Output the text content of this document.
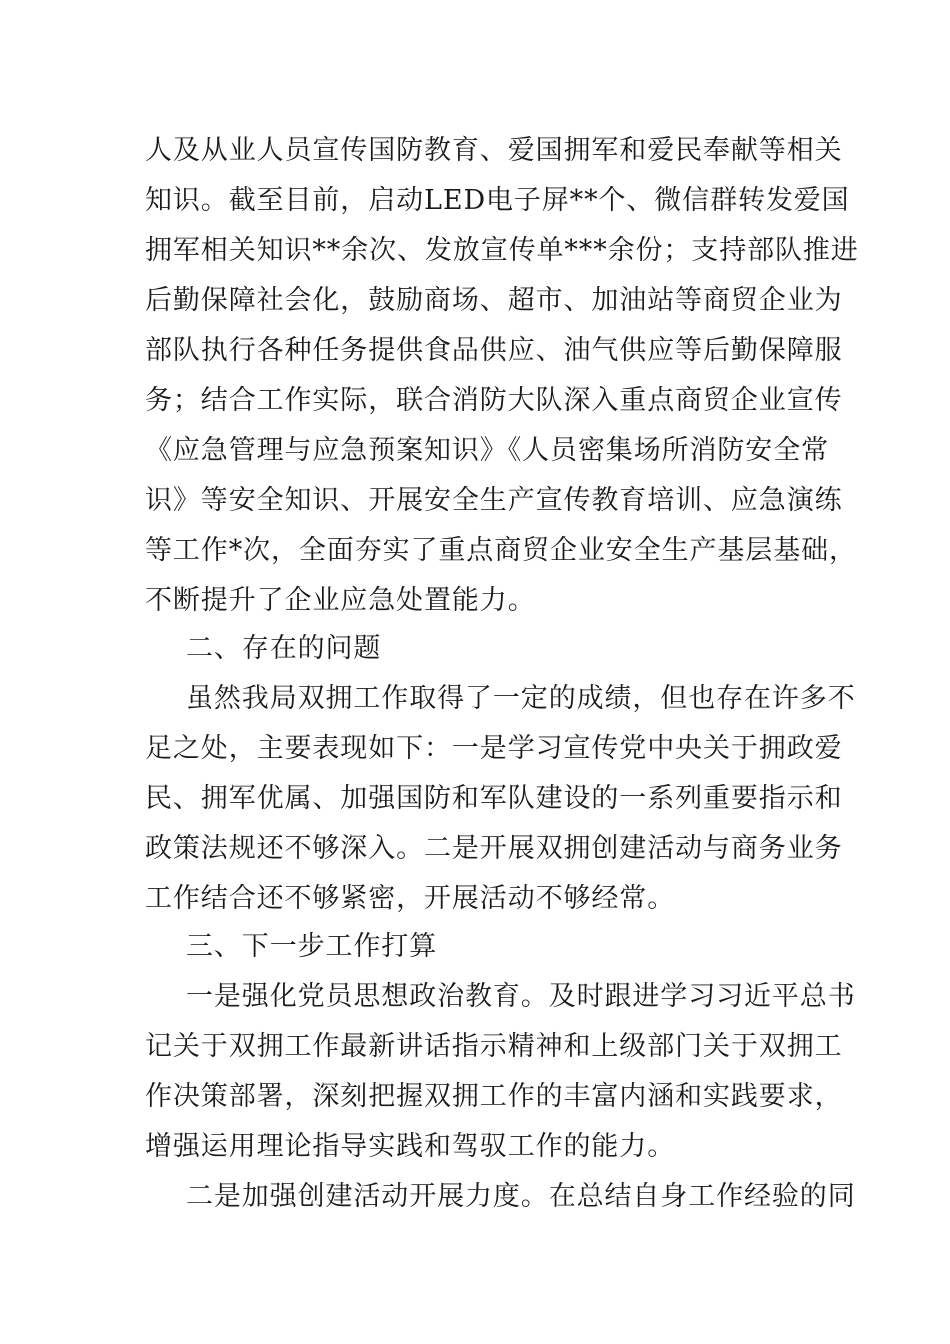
人及从业人员宣传国防教育、爱国拥军和爱民奉献等相关
知识。截至目前，启动LED电子屏**个、微信群转发爱国
拥军相关知识**余次、发放宣传单***余份；支持部队推进
后勤保障社会化，鼓励商场、超市、加油站等商贸企业为
部队执行各种任务提供食品供应、油气供应等后勤保障服
务；结合工作实际，联合消防大队深入重点商贸企业宣传
《应急管理与应急预案知识》《人员密集场所消防安全常
识》等安全知识、开展安全生产宣传教育培训、应急演练
等工作*次，全面夯实了重点商贸企业安全生产基层基础，
不断提升了企业应急处置能力。
二、存在的问题
虽然我局双拥工作取得了一定的成绩，但也存在许多不
足之处，主要表现如下：一是学习宣传党中央关于拥政爱
民、拥军优属、加强国防和军队建设的一系列重要指示和
政策法规还不够深入。二是开展双拥创建活动与商务业务
工作结合还不够紧密，开展活动不够经常。
三、下一步工作打算
一是强化党员思想政治教育。及时跟进学习习近平总书
记关于双拥工作最新讲话指示精神和上级部门关于双拥工
作决策部署，深刻把握双拥工作的丰富内涵和实践要求，
增强运用理论指导实践和驾驭工作的能力。
二是加强创建活动开展力度。在总结自身工作经验的同
